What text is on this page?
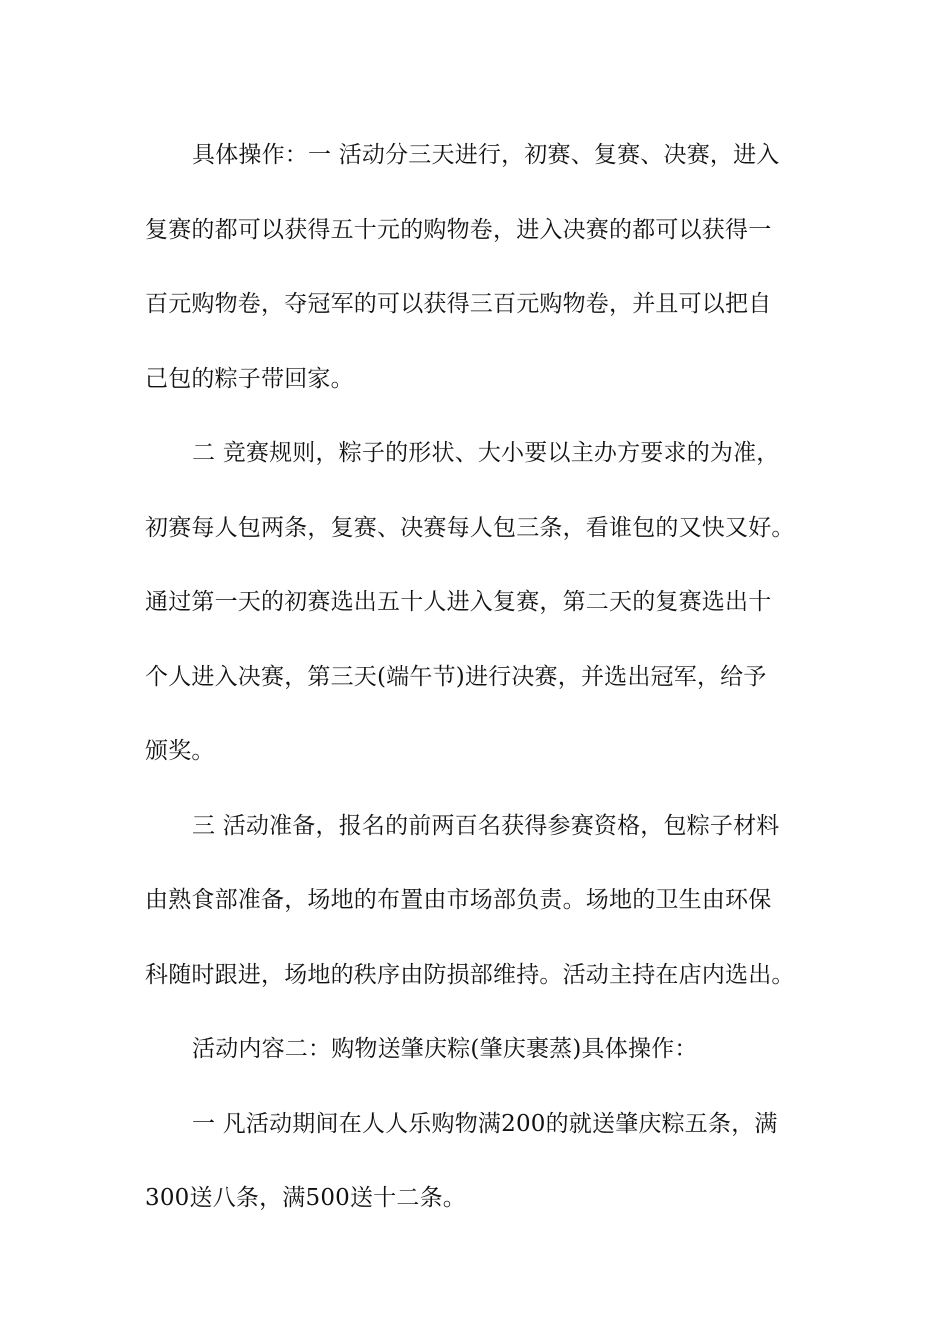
具体操作：一 活动分三天进行，初赛、复赛、决赛，进入
复赛的都可以获得五十元的购物卷，进入决赛的都可以获得一
百元购物卷，夺冠军的可以获得三百元购物卷，并且可以把自
己包的粽子带回家。
二 竞赛规则，粽子的形状、大小要以主办方要求的为准，
初赛每人包两条，复赛、决赛每人包三条，看谁包的又快又好。
通过第一天的初赛选出五十人进入复赛，第二天的复赛选出十
个人进入决赛，第三天(端午节)进行决赛，并选出冠军，给予
颁奖。
三 活动准备，报名的前两百名获得参赛资格，包粽子材料
由熟食部准备，场地的布置由市场部负责。场地的卫生由环保
科随时跟进，场地的秩序由防损部维持。活动主持在店内选出。
活动内容二：购物送肇庆粽(肇庆裹蒸)具体操作：
一 凡活动期间在人人乐购物满200的就送肇庆粽五条，满
300送八条，满500送十二条。
